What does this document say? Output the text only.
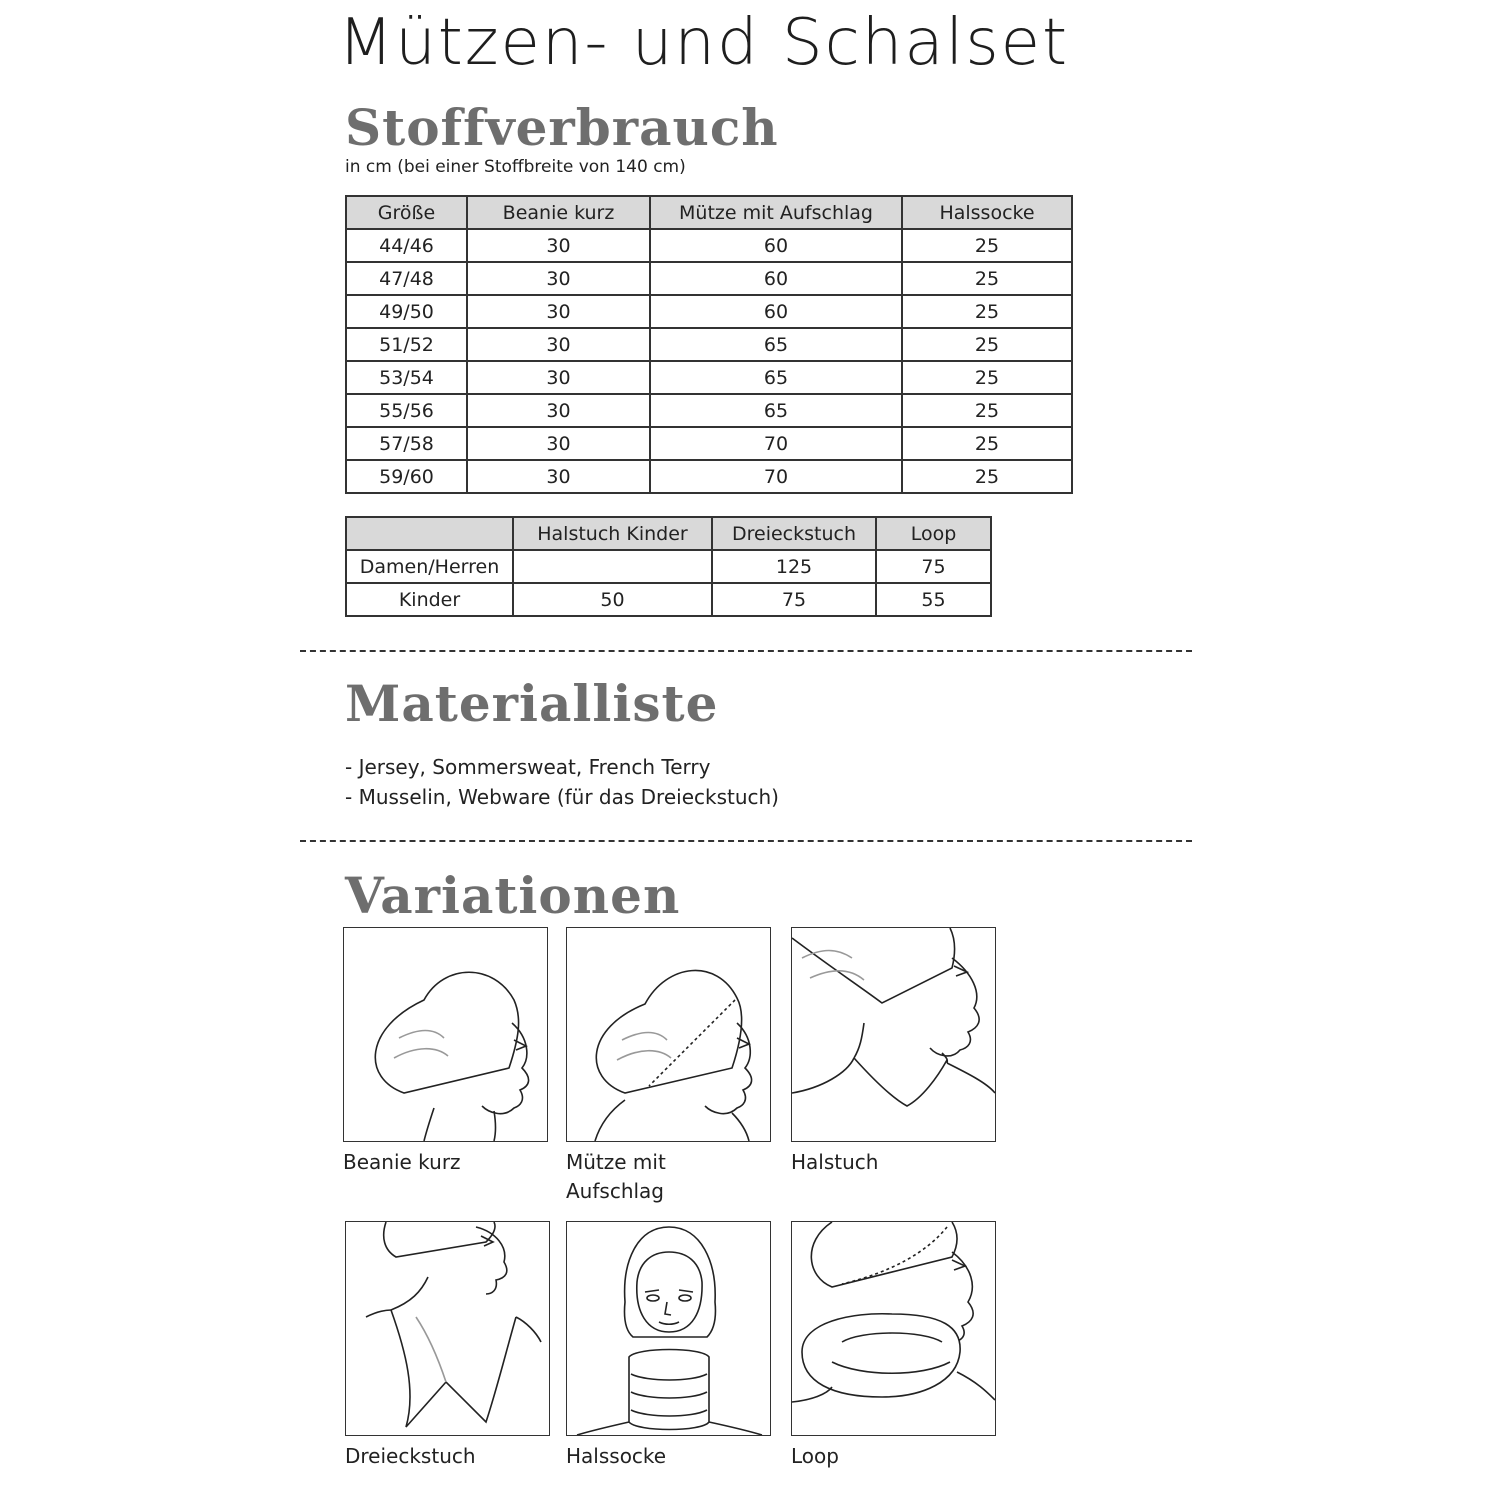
Mützen- und Schalset
Stoffverbrauch
in cm (bei einer Stoffbreite von 140 cm)
Größe	Beanie kurz	Mütze mit Aufschlag	Halssocke
44/46	30	60	25
47/48	30	60	25
49/50	30	60	25
51/52	30	65	25
53/54	30	65	25
55/56	30	65	25
57/58	30	70	25
59/60	30	70	25
	Halstuch Kinder	Dreieckstuch	Loop
Damen/Herren		125	75
Kinder	50	75	55
Materialliste
- Jersey, Sommersweat, French Terry
- Musselin, Webware (für das Dreieckstuch)
Variationen
Beanie kurz	Mütze mit
Aufschlag
Halstuch
Dreieckstuch	Halssocke	Loop
